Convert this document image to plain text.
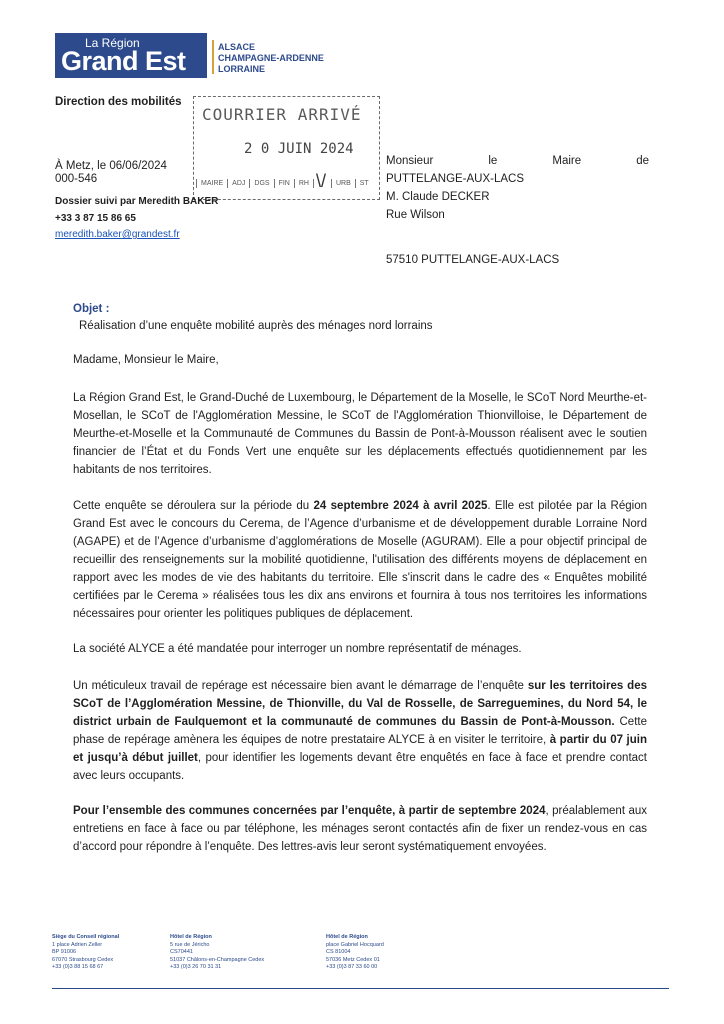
La Région
Grand Est	ALSACE
CHAMPAGNE-ARDENNE
LORRAINE
Direction des mobilités
COURRIER ARRIVÉ
2 0 JUIN 2024
MAIRE	ADJ	DGS	FIN	RH	URB	ST
\/
À Metz, le 06/06/2024
000-546
Dossier suivi par Meredith BAKER
+33 3 87 15 86 65
meredith.baker@grandest.fr
Monsieur le Maire de
PUTTELANGE-AUX-LACS
M. Claude DECKER
Rue Wilson
57510 PUTTELANGE-AUX-LACS
Objet :
Réalisation d’une enquête mobilité auprès des ménages nord lorrains
Madame, Monsieur le Maire,

La Région Grand Est, le Grand-Duché de Luxembourg, le Département de la Moselle, le SCoT Nord Meurthe-et-Mosellan, le SCoT de l'Agglomération Messine, le SCoT de l'Agglomération Thionvilloise, le Département de Meurthe-et-Moselle et la Communauté de Communes du Bassin de Pont-à-Mousson réalisent avec le soutien financier de l’État et du Fonds Vert une enquête sur les déplacements effectués quotidiennement par les habitants de nos territoires.

Cette enquête se déroulera sur la période du 24 septembre 2024 à avril 2025. Elle est pilotée par la Région Grand Est avec le concours du Cerema, de l’Agence d’urbanisme et de développement durable Lorraine Nord (AGAPE) et de l’Agence d’urbanisme d’agglomérations de Moselle (AGURAM). Elle a pour objectif principal de recueillir des renseignements sur la mobilité quotidienne, l'utilisation des différents moyens de déplacement en rapport avec les modes de vie des habitants du territoire. Elle s'inscrit dans le cadre des « Enquêtes mobilité certifiées par le Cerema » réalisées tous les dix ans environs et fournira à tous nos territoires les informations nécessaires pour orienter les politiques publiques de déplacement.

La société ALYCE a été mandatée pour interroger un nombre représentatif de ménages.

Un méticuleux travail de repérage est nécessaire bien avant le démarrage de l’enquête sur les territoires des SCoT de l’Agglomération Messine, de Thionville, du Val de Rosselle, de Sarreguemines, du Nord 54, le district urbain de Faulquemont et la communauté de communes du Bassin de Pont-à-Mousson. Cette phase de repérage amènera les équipes de notre prestataire ALYCE à en visiter le territoire, à partir du 07 juin et jusqu’à début juillet, pour identifier les logements devant être enquêtés en face à face et prendre contact avec leurs occupants.

Pour l’ensemble des communes concernées par l’enquête, à partir de septembre 2024, préalablement aux entretiens en face à face ou par téléphone, les ménages seront contactés afin de fixer un rendez-vous en cas d’accord pour répondre à l’enquête. Des lettres-avis leur seront systématiquement envoyées.

Siège du Conseil régional
1 place Adrien Zeller
BP 91006
67070 Strasbourg Cedex
+33 (0)3 88 15 68 67
Hôtel de Région
5 rue de Jéricho
CS70441
51037 Châlons-en-Champagne Cedex
+33 (0)3 26 70 31 31
Hôtel de Région
place Gabriel Hocquard
CS 81004
57036 Metz Cedex 01
+33 (0)3 87 33 60 00
